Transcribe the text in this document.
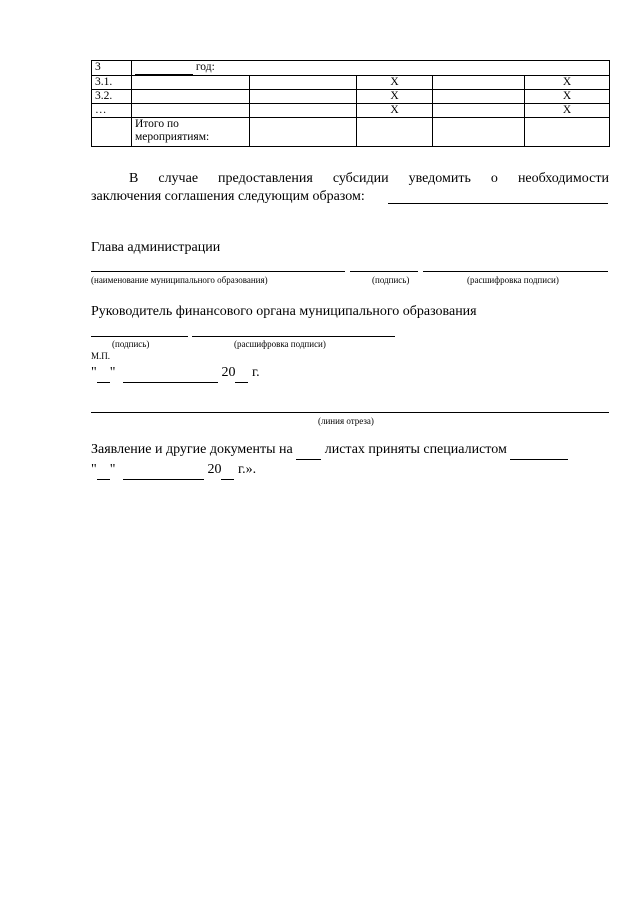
3	год:				
3.1.			Х		Х
3.2.			Х		Х
…			Х		Х

	Итого по
мероприятиям:				

В случае предоставления субсидии уведомить о необходимости
заключения соглашения следующим образом:
Глава администрации
(наименование муниципального образования)	(подпись)	(расшифровка подписи)
Руководитель финансового органа муниципального образования
(подпись)	(расшифровка подписи)
М.П.
" "	20 г.
(линия отреза)
Заявление и другие документы на листах приняты специалистом
" "	20 г.».
